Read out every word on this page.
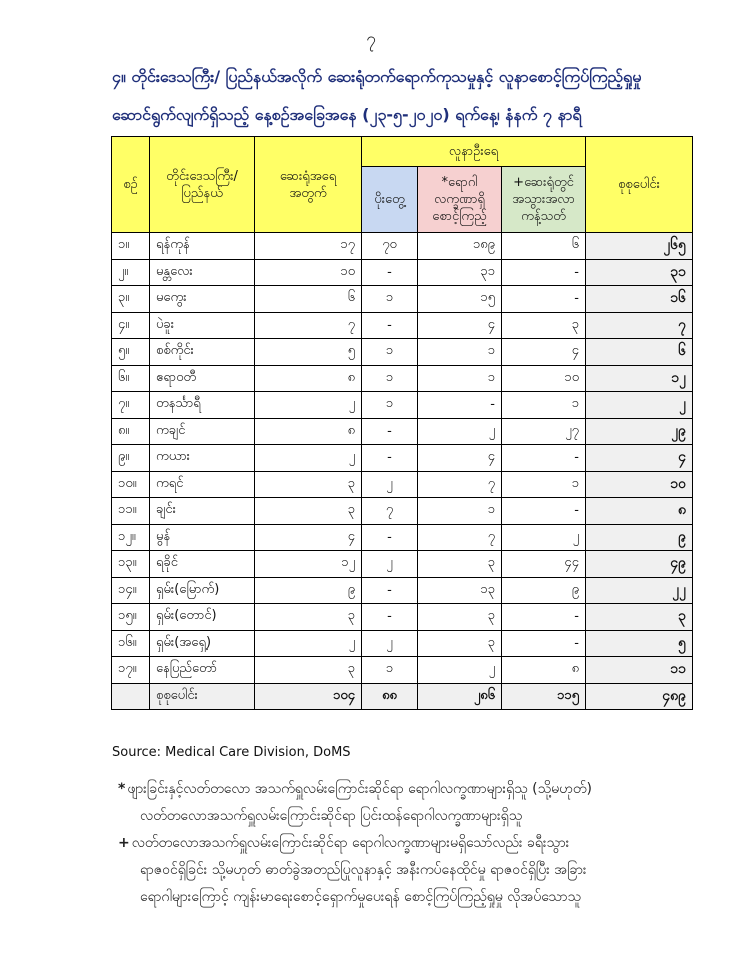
၇
၄။ တိုင်းဒေသကြီး/ ပြည်နယ်အလိုက် ဆေးရုံတက်ရောက်ကုသမှုနှင့် လူနာစောင့်ကြပ်ကြည့်ရှုမှု
ဆောင်ရွက်လျက်ရှိသည့် နေ့စဉ်အခြေအနေ (၂၃-၅-၂၀၂၀) ရက်နေ့၊ နံနက် ၇ နာရီ
စဉ်	တိုင်းဒေသကြီး/ ပြည်နယ်	ဆေးရုံအရေ အတွက်	လူနာဦးရေ			စုစုပေါင်း
			ပိုးတွေ့	*ရောဂါ လက္ခဏာရှိ စောင့်ကြည့်	+ဆေးရုံတွင် အသွားအလာ ကန့်သတ်	
၁။	ရန်ကုန်	၁၇	၇၀	၁၈၉	၆	၂၆၅
၂။	မန္တလေး	၁၀	-	၃၁	-	၃၁
၃။	မကွေး	၆	၁	၁၅	-	၁၆
၄။	ပဲခူး	၇	-	၄	၃	၇
၅။	စစ်ကိုင်း	၅	၁	၁	၄	၆
၆။	ဧရာဝတီ	၈	၁	၁	၁၀	၁၂
၇။	တနင်္သာရီ	၂	၁	-	၁	၂
၈။	ကချင်	၈	-	၂	၂၇	၂၉
၉။	ကယား	၂	-	၄	-	၄
၁၀။	ကရင်	၃	၂	၇	၁	၁၀
၁၁။	ချင်း	၃	၇	၁	-	၈
၁၂။	မွန်	၄	-	၇	၂	၉
၁၃။	ရခိုင်	၁၂	၂	၃	၄၄	၄၉
၁၄။	ရှမ်း(မြောက်)	၉	-	၁၃	၉	၂၂
၁၅။	ရှမ်း(တောင်)	၃	-	၃	-	၃
၁၆။	ရှမ်း(အရှေ့)	၂	၂	၃	-	၅
၁၇။	နေပြည်တော်	၃	၁	၂	၈	၁၁
	စုစုပေါင်း	၁၀၄	၈၈	၂၈၆	၁၁၅	၄၈၉
Source: Medical Care Division, DoMS
* ဖျားခြင်းနှင့်လတ်တလော အသက်ရှူလမ်းကြောင်းဆိုင်ရာ ရောဂါလက္ခဏာများရှိသူ (သို့မဟုတ်)
လတ်တလောအသက်ရှူလမ်းကြောင်းဆိုင်ရာ ပြင်းထန်ရောဂါလက္ခဏာများရှိသူ
+ လတ်တလောအသက်ရှူလမ်းကြောင်းဆိုင်ရာ ရောဂါလက္ခဏာများမရှိသော်လည်း ခရီးသွား
ရာဇဝင်ရှိခြင်း သို့မဟုတ် ဓာတ်ခွဲအတည်ပြုလူနာနှင့် အနီးကပ်နေထိုင်မှု ရာဇဝင်ရှိပြီး အခြား
ရောဂါများကြောင့် ကျန်းမာရေးစောင့်ရှောက်မှုပေးရန် စောင့်ကြပ်ကြည့်ရှုမှု လိုအပ်သောသူ
